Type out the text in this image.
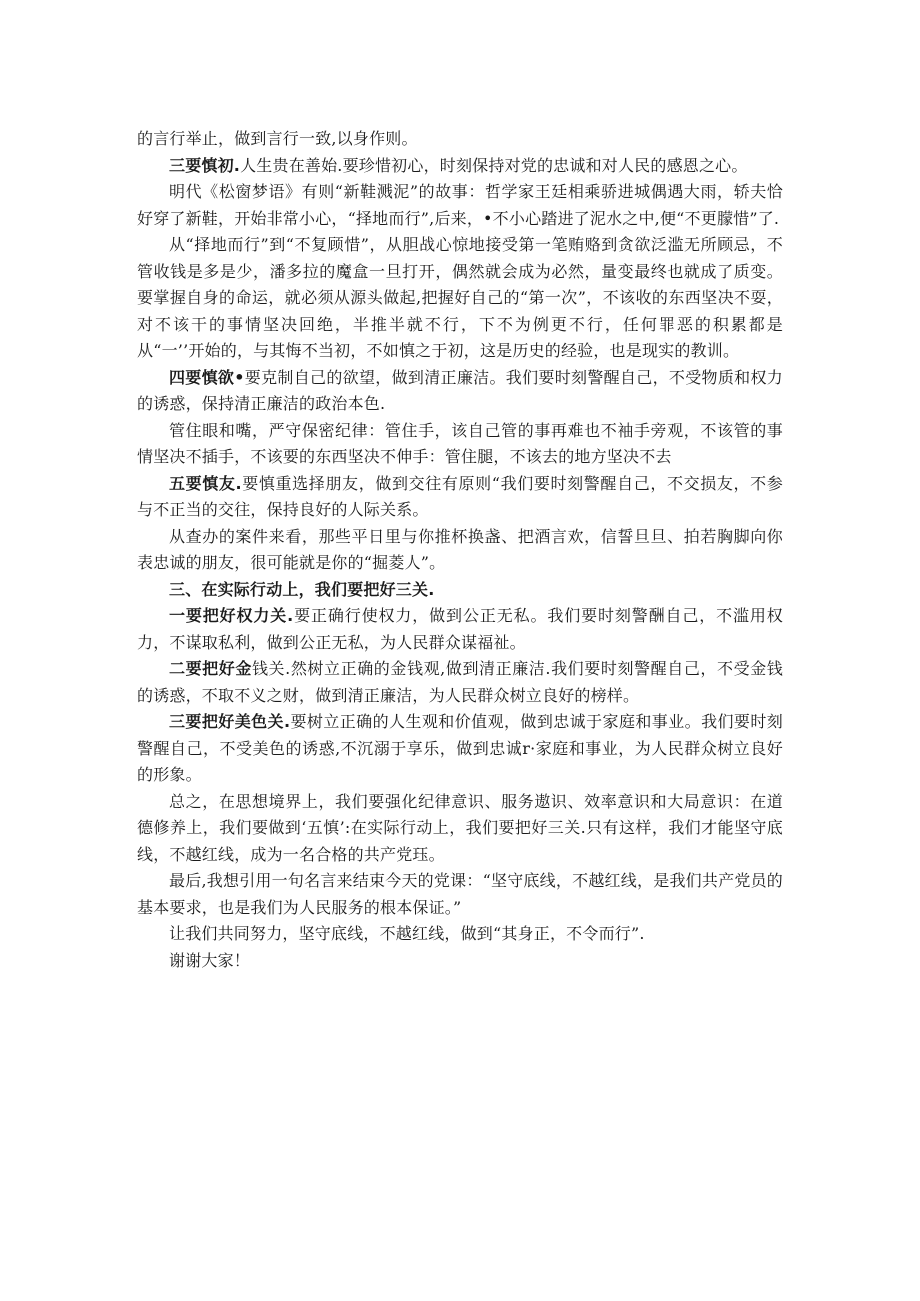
的言行举止，做到言行一致,以身作则。

三要慎初.人生贵在善始.要珍惜初心，时刻保持对党的忠诚和对人民的感恩之心。

明代《松窗梦语》有则“新鞋溅泥”的故事：哲学家王廷相乘骄进城偶遇大雨，轿夫恰好穿了新鞋，开始非常小心，“择地而行”,后来，•不小心踏进了泥水之中,便“不更朦惜”了.

从“择地而行”到“不复顾惜”，从胆战心惊地接受第一笔贿赂到贪欲泛滥无所顾忌，不管收钱是多是少，潘多拉的魔盒一旦打开，偶然就会成为必然，量变最终也就成了质变。要掌握自身的命运，就必须从源头做起,把握好自己的“第一次”，不该收的东西坚决不耍，对不该干的事情坚决回绝，半推半就不行，下不为例更不行，任何罪恶的积累都是从“一’’开始的，与其悔不当初，不如慎之于初，这是历史的经验，也是现实的教训。

四要慎欲•要克制自己的欲望，做到清正廉洁。我们要时刻警醒自己，不受物质和权力的诱惑，保持清正廉洁的政治本色.

管住眼和嘴，严守保密纪律：管住手，该自己管的事再难也不袖手旁观，不该管的事情坚决不插手，不该要的东西坚决不伸手：管住腿，不该去的地方坚决不去

五要慎友.要慎重选择朋友，做到交往有原则“我们要时刻警醒自己，不交损友，不参与不正当的交往，保持良好的人际关系。

从查办的案件来看，那些平日里与你推杯换盏、把酒言欢，信誓旦旦、拍若胸脚向你表忠诚的朋友，很可能就是你的“掘菱人”。

三、在实际行动上，我们要把好三关.

一要把好权力关.要正确行使权力，做到公正无私。我们要时刻警酬自己，不滥用权力，不谋取私利，做到公正无私，为人民群众谋福祉。

二要把好金钱关.然树立正确的金钱观,做到清正廉洁.我们要时刻警醒自己，不受金钱的诱惑，不取不义之财，做到清正廉洁，为人民群众树立良好的榜样。

三要把好美色关.要树立正确的人生观和价值观，做到忠诚于家庭和事业。我们要时刻警醒自己，不受美色的诱惑,不沉溺于享乐，做到忠诚r·家庭和事业，为人民群众树立良好的形象。

总之，在思想境界上，我们要强化纪律意识、服务遨识、效率意识和大局意识：在道德修养上，我们要做到‘五慎’:在实际行动上，我们要把好三关.只有这样，我们才能坚守底线，不越红线，成为一名合格的共产党珏。

最后,我想引用一句名言来结束今天的党课：“坚守底线，不越红线，是我们共产党员的基本要求，也是我们为人民服务的根本保证。”

让我们共同努力，坚守底线，不越红线，做到“其身正，不令而行”.

谢谢大家！
